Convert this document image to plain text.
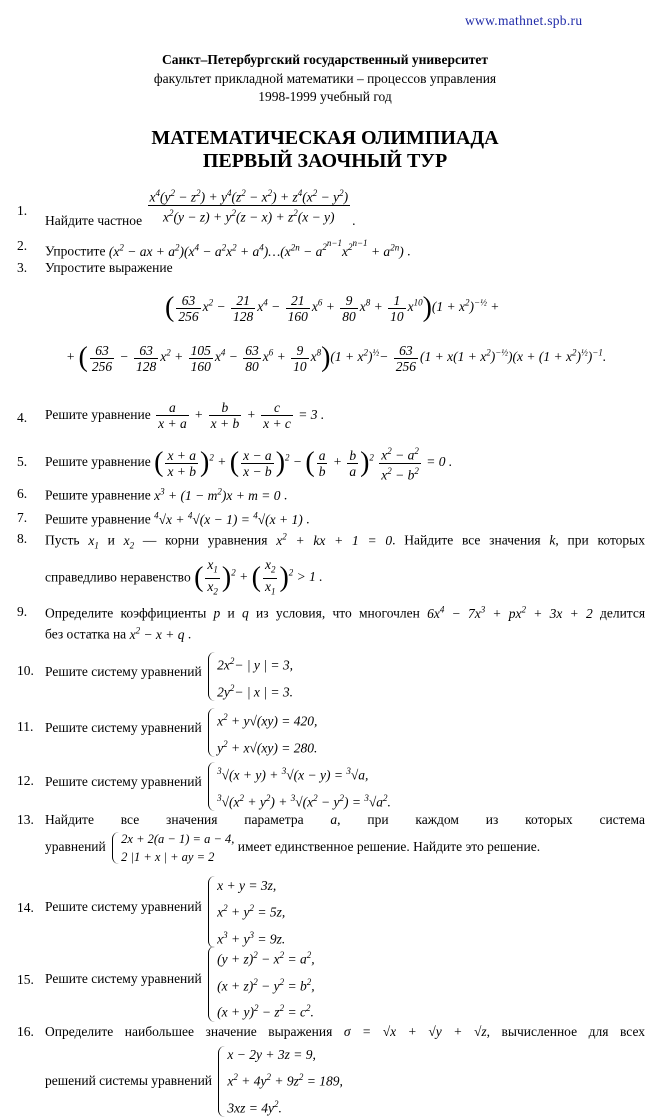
www.mathnet.spb.ru
Санкт–Петербургский государственный университет
факультет прикладной математики – процессов управления
1998-1999 учебный год
МАТЕМАТИЧЕСКАЯ ОЛИМПИАДА
ПЕРВЫЙ ЗАОЧНЫЙ ТУР
1.
Найдите частное $\frac{x^4(y^2 - z^2) + y^4(z^2 - x^2) + z^4(x^2 - y^2)}{x^2(y - z) + y^2(z - x) + z^2(x - y)}$ .
2. Упростите ($x^2$ − ax + $a^2)(x^4 - a^2x^2$ + $a^4)\dots(x^{2n} - a^{2^{n-1}}x^{2^{n-1}} + a^{2n})$ .
3. Упростите выражение
( $\frac{63}{256} x^2 - \frac{21}{128} x^4 - \frac{21}{160} x^6 + \frac{9}{80} x^8 + \frac{1}{10} x^{10})(1 + x^2)^{-\frac{1}{2}}$ +
+ ( $\frac{63}{256} - \frac{63}{128} x^2 + \frac{105}{160} x^4 - \frac{63}{80} x^6 + \frac{9}{10} x^8)(1 + x^2)^{\frac{1}{2}}- \frac{63}{256} (1 + x(1 + x^2)^{-\frac{1}{2}})(x + (1 + x^2)^{\frac{1}{2}})^{-1}$.
4. Решите уравнение $\frac{a}{x + a} + \frac{b}{x + b} + \frac{c}{x + c} = 3$ .
5. Решите уравнение ( $\frac{x + a}{x + b} )^2$ + ( $\frac{x - a}{x - b} )^2$ − ( $\frac{a}{b} + \frac{b}{a} )^2 \frac{x^2 - a^2}{x^2 - b^2} = 0$ .
6. Решите уравнение $x^3 + (1 - m^2)x + m = 0$ .
7. Решите уравнение $^4$√x + $^4$√(x − 1) = $^4$√(x + 1) .
8. Пусть $x_1$ и $x_2$ — корни уравнения $x^2$ + kx + 1 = 0. Найдите все значения k, при которых
справедливо неравенство ( $\frac{x_1}{x_2} )^2$ + ( $\frac{x_2}{x_1} )^2 > 1$ .
9. Определите коэффициенты p и q из условия, что многочлен $6x^4 - 7x^3 + px^2 + 3x + 2$ делится
без остатка на $x^2 - x + q$ .
10. Решите систему уравнений $2x^2-$ | y | = 3,
$2y^2-$ | x | = 3.
11. Решите систему уравнений $x^2 + y√(xy) = 420$,
$y^2 + x√(xy) = 280$.
12. Решите систему уравнений
$^3$√(x + y) + $^3$√(x − y) = $^3$√a,
$^3√(x^2 + y^2) + ^3√(x^2 - y^2) = ^3√a^2$.
13. Найдите все значения параметра a, при каждом из которых система
уравнений
2x + 2(a − 1) = a − 4,
2 |1 + x | + ay = 2
имеет единственное решение. Найдите это решение.
14. Решите систему уравнений
x + y = 3z,
$x^2 + y^2 = 5z$,
$x^3 + y^3 = 9z$.
15. Решите систему уравнений
$(y + z)^2 - x^2 = a^2$,
$(x + z)^2 - y^2 = b^2$,
$(x + y)^2 - z^2 = c^2$.
16. Определите наибольшее значение выражения σ = √x + √y + √z, вычисленное для всех
решений системы уравнений
x − 2y + 3z = 9,
$x^2 + 4y^2 + 9z^2 = 189$,
$3xz = 4y^2$.
